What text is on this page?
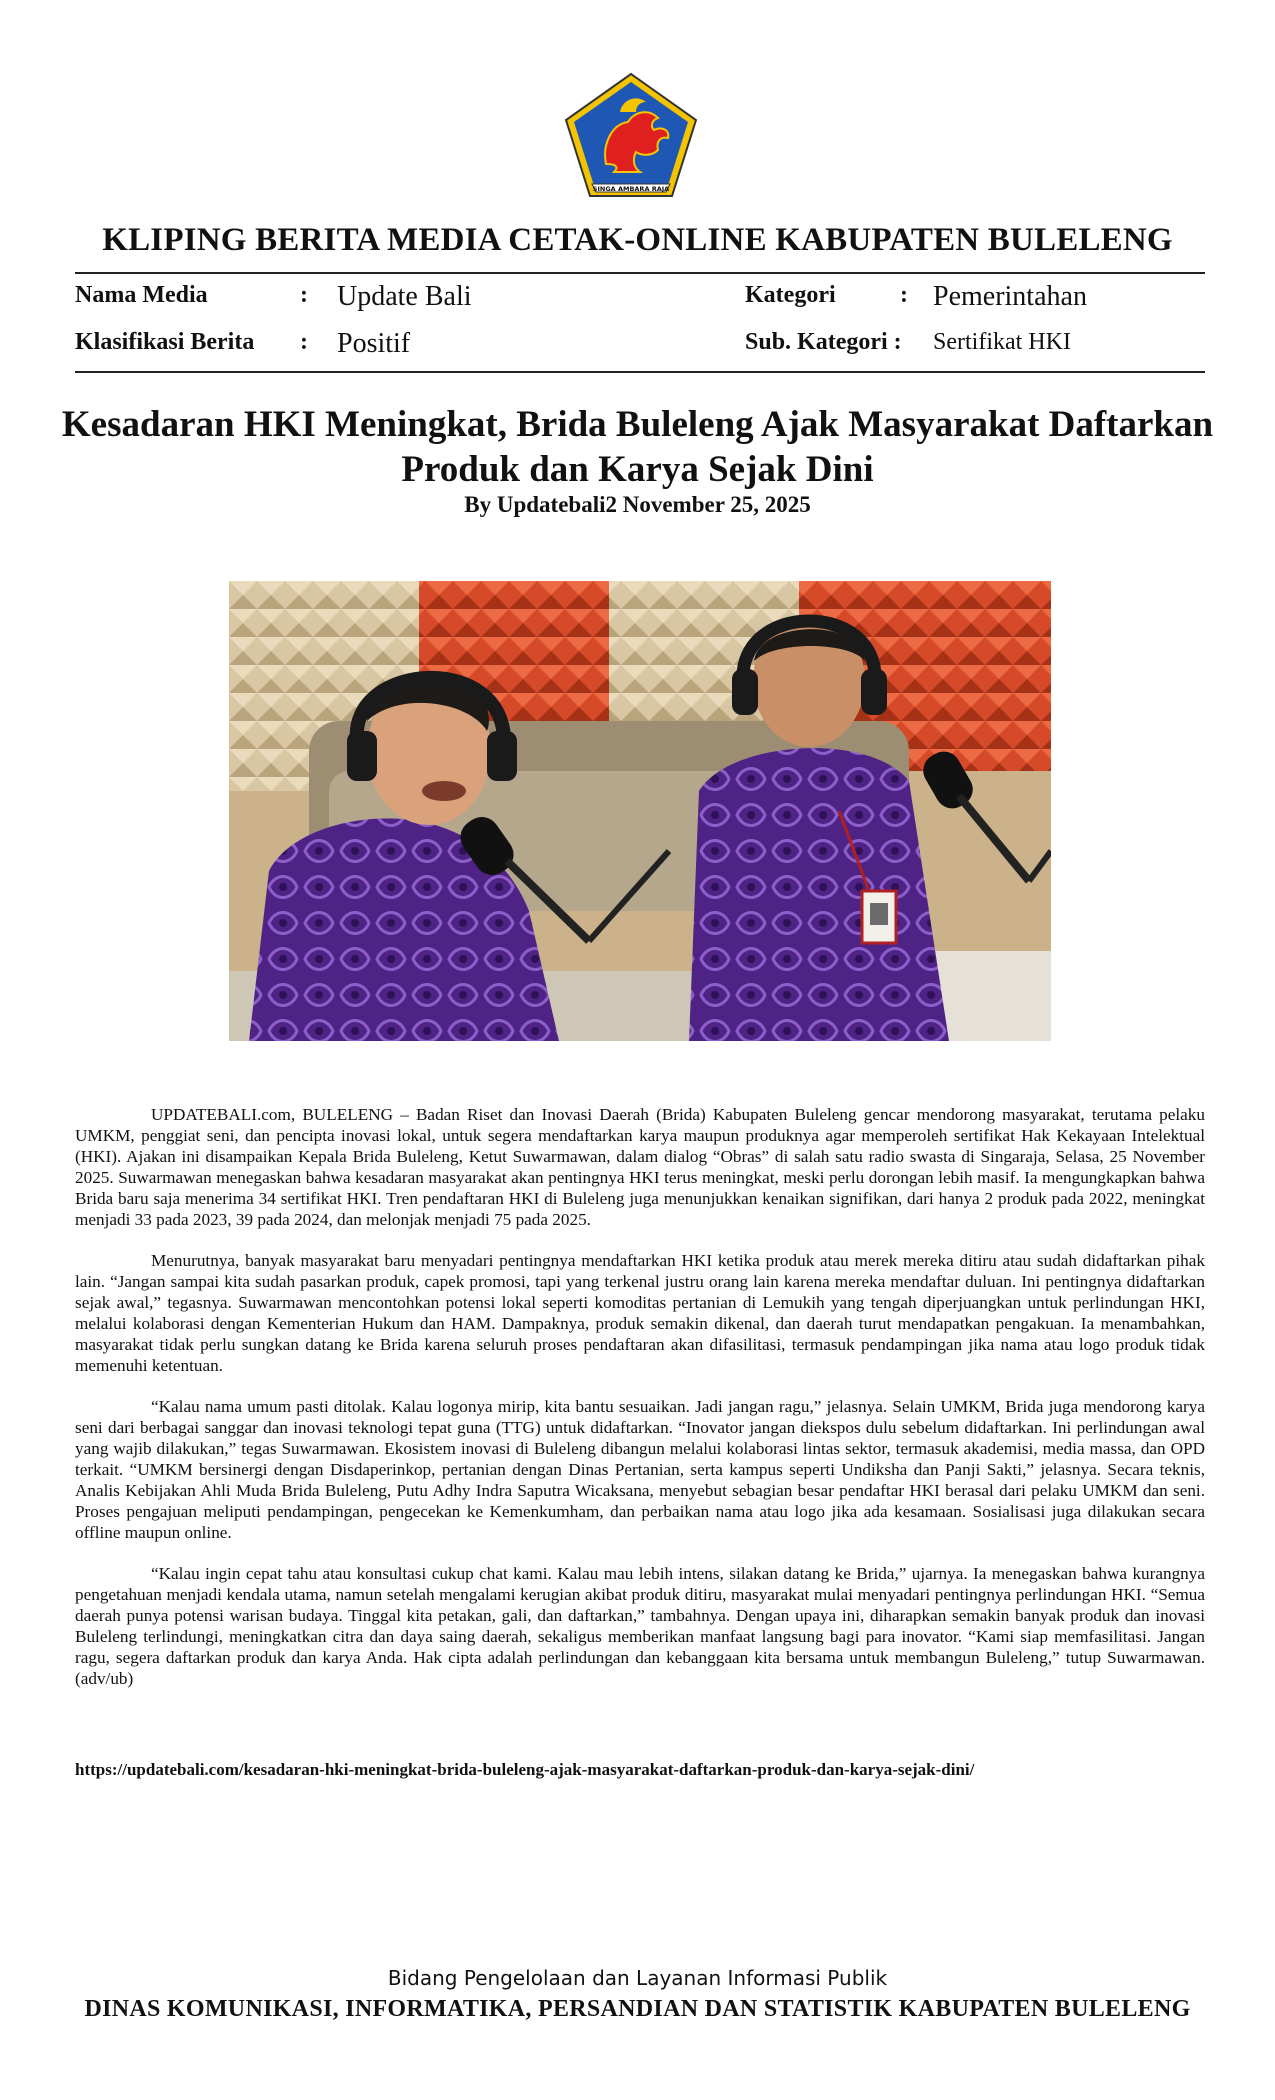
SINGA AMBARA RAJA
KLIPING BERITA MEDIA CETAK-ONLINE KABUPATEN BULELENG
Nama Media	: Update Bali	Kategori	: Pemerintahan
Klasifikasi Berita : Positif	Sub. Kategori : Sertifikat HKI
Kesadaran HKI Meningkat, Brida Buleleng Ajak Masyarakat Daftarkan Produk dan Karya Sejak Dini
By Updatebali2 November 25, 2025

UPDATEBALI.com, BULELENG – Badan Riset dan Inovasi Daerah (Brida) Kabupaten Buleleng gencar mendorong masyarakat, terutama pelaku UMKM, penggiat seni, dan pencipta inovasi lokal, untuk segera mendaftarkan karya maupun produknya agar memperoleh sertifikat Hak Kekayaan Intelektual (HKI). Ajakan ini disampaikan Kepala Brida Buleleng, Ketut Suwarmawan, dalam dialog “Obras” di salah satu radio swasta di Singaraja, Selasa, 25 November 2025. Suwarmawan menegaskan bahwa kesadaran masyarakat akan pentingnya HKI terus meningkat, meski perlu dorongan lebih masif. Ia mengungkapkan bahwa Brida baru saja menerima 34 sertifikat HKI. Tren pendaftaran HKI di Buleleng juga menunjukkan kenaikan signifikan, dari hanya 2 produk pada 2022, meningkat menjadi 33 pada 2023, 39 pada 2024, dan melonjak menjadi 75 pada 2025.

Menurutnya, banyak masyarakat baru menyadari pentingnya mendaftarkan HKI ketika produk atau merek mereka ditiru atau sudah didaftarkan pihak lain. “Jangan sampai kita sudah pasarkan produk, capek promosi, tapi yang terkenal justru orang lain karena mereka mendaftar duluan. Ini pentingnya didaftarkan sejak awal,” tegasnya. Suwarmawan mencontohkan potensi lokal seperti komoditas pertanian di Lemukih yang tengah diperjuangkan untuk perlindungan HKI, melalui kolaborasi dengan Kementerian Hukum dan HAM. Dampaknya, produk semakin dikenal, dan daerah turut mendapatkan pengakuan. Ia menambahkan, masyarakat tidak perlu sungkan datang ke Brida karena seluruh proses pendaftaran akan difasilitasi, termasuk pendampingan jika nama atau logo produk tidak memenuhi ketentuan.

“Kalau nama umum pasti ditolak. Kalau logonya mirip, kita bantu sesuaikan. Jadi jangan ragu,” jelasnya. Selain UMKM, Brida juga mendorong karya seni dari berbagai sanggar dan inovasi teknologi tepat guna (TTG) untuk didaftarkan. “Inovator jangan diekspos dulu sebelum didaftarkan. Ini perlindungan awal yang wajib dilakukan,” tegas Suwarmawan. Ekosistem inovasi di Buleleng dibangun melalui kolaborasi lintas sektor, termasuk akademisi, media massa, dan OPD terkait. “UMKM bersinergi dengan Disdaperinkop, pertanian dengan Dinas Pertanian, serta kampus seperti Undiksha dan Panji Sakti,” jelasnya. Secara teknis, Analis Kebijakan Ahli Muda Brida Buleleng, Putu Adhy Indra Saputra Wicaksana, menyebut sebagian besar pendaftar HKI berasal dari pelaku UMKM dan seni. Proses pengajuan meliputi pendampingan, pengecekan ke Kemenkumham, dan perbaikan nama atau logo jika ada kesamaan. Sosialisasi juga dilakukan secara offline maupun online.

“Kalau ingin cepat tahu atau konsultasi cukup chat kami. Kalau mau lebih intens, silakan datang ke Brida,” ujarnya. Ia menegaskan bahwa kurangnya pengetahuan menjadi kendala utama, namun setelah mengalami kerugian akibat produk ditiru, masyarakat mulai menyadari pentingnya perlindungan HKI. “Semua daerah punya potensi warisan budaya. Tinggal kita petakan, gali, dan daftarkan,” tambahnya. Dengan upaya ini, diharapkan semakin banyak produk dan inovasi Buleleng terlindungi, meningkatkan citra dan daya saing daerah, sekaligus memberikan manfaat langsung bagi para inovator. “Kami siap memfasilitasi. Jangan ragu, segera daftarkan produk dan karya Anda. Hak cipta adalah perlindungan dan kebanggaan kita bersama untuk membangun Buleleng,” tutup Suwarmawan.(adv/ub)

https://updatebali.com/kesadaran-hki-meningkat-brida-buleleng-ajak-masyarakat-daftarkan-produk-dan-karya-sejak-dini/
Bidang Pengelolaan dan Layanan Informasi Publik
DINAS KOMUNIKASI, INFORMATIKA, PERSANDIAN DAN STATISTIK KABUPATEN BULELENG
